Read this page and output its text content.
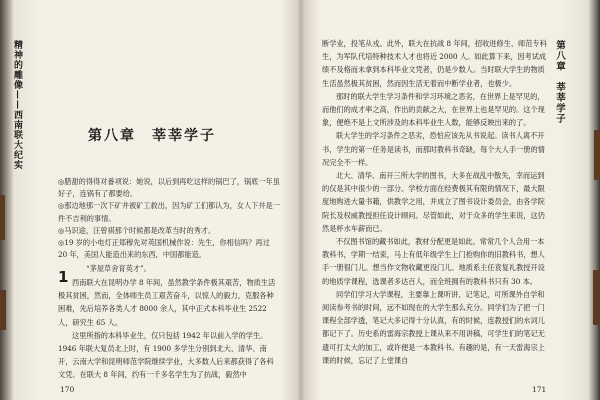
精神的雕像——西南联大纪实	第八章　莘莘学子

◎腊甜的得得对番项说：她说，以后到再吃这样的锅巴了，锅底一年虽好子，连锅有了都要给。

◎那边地那一次下矿井被矿工救出，因为矿工们都认为，女人下井是一件不吉利的事情。

◎马识途，汪曾祺那个时候都是改革当时的秀才。

◎19 岁的小电灯正郑穆先对英国机械作说：先生，你相信吗？再过 20 年，美国人能造出来的东西，中国都能造。

1 “茅屋草舍育英才”。

西南联大在昆明办学 8 年间，虽然教学条件极其艰苦，物质生活极其贫困，然而，全体师生员工艰苦奋斗，以惊人的毅力，克服各种困难，先后培养各类人才 8000 余人，其中正式本科毕业生 2522 人，研究生 65 人。

这里所指的本科毕业生，仅只包括 1942 年以前入学的学生。1946 年联大复员北上时，有 1900 多学生分别到北大、清华、南开，云南大学和昆明师范学院继续学业，大多数人后来都获得了各科文凭。在联大 8 年间，约有一千多名学生为了抗战，毅然中

170

断学业，投笔从戎。此外，联大在抗战 8 年间，招收进修生、师范专科生，为军队代培特种技术人才也将近 2000 人。如此算下来，因考试成绩不及格而未拿到本科毕业文凭者，仍是少数人。当时联大学生的物质生活虽然极其贫困，然而因生活无着而中断学业者，也极少。

那时的联大学生学习条件和学习环境之恶劣，在世界上是罕见的，而他们的成才率之高，作出的贡献之大，在世界上也是罕见的。这个现象，便绝不是上文所涉及的本科毕业生人数，能够反映出来的了。

联大学生的学习条件之恶劣，恐怕应该先从书说起。读书人离不开书，学生的第一任务是读书，而那时教科书奇缺，每个大人手一册的情况完全不一样。

北大、清华、南开三所大学的图书，大多在战乱中散失，幸而运到的仅是其中很少的一部分。学校方面在经费极其有限的情况下，最大限度地购进大量书籍，供教学之用，并成立了图书设计委员会，由各学院院长及权威教授担任设计顾问。尽管如此，对于众多的学生来说，这仍然是杯水车薪而已。

不仅图书馆的藏书如此，教材分配更是如此。常常几个人合用一本教科书，学期一结束，马上有低年级学生上门抢购你的旧教科书，想人手一册很门儿。想当作文物收藏更没门儿。地质系主任袁复礼教授开设的地质学课程，选课者多达百人，而全班拥有的教科书只有 30 本。

同学们学习大学课程，主要靠上课听讲、记笔记，可所课外自学和阅读参考书的时间，远不如现在的大学生那么充分。同学们为了把一门课程全部学透，笔记大多记得十分认真，有的时候，连教授们的水词儿都记下了。历史系的雷海宗教授上课从来不用讲稿，可学生们的笔记无遗可打太大的加工，或许便是一本教科书。有趣的是，有一天雷海宗上课的时候，忘记了上堂课自

第八章　莘莘学子
171
